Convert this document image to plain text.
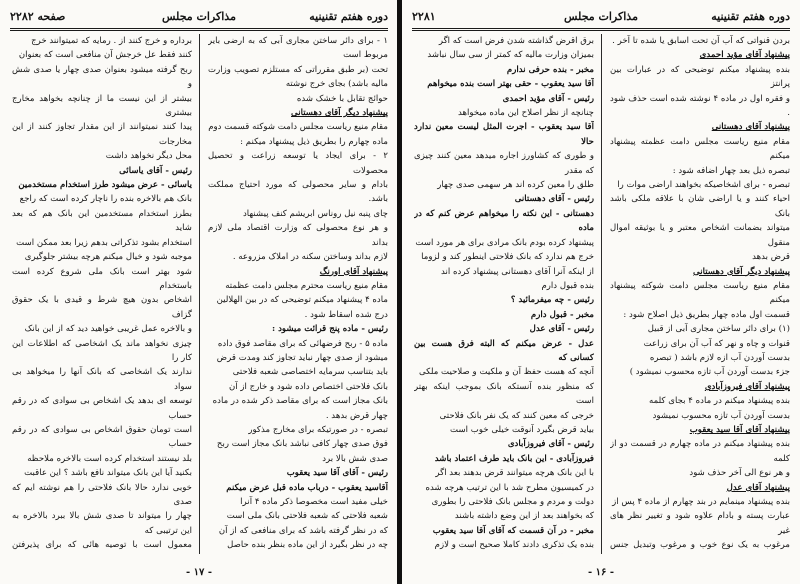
دوره هفتم تقنینیه
مذاکرات مجلس
صفحه ۲۲۸۲

۱ - برای دائر ساختن مجاری آبی که به ارضی بایر مربوط است

تحت (بر طبق مقرراتی که مستلزم تصویب وزارت مالیه باشد) بجای خرج نوشته

حوائج تقابل با خشک شده

پیشنهاد دیگر آقای دهستانی

مقام منیع ریاست مجلس دامت شوکته قسمت دوم

ماده چهارم را بطریق ذیل پیشنهاد میکنم :

۲ - برای ایجاد یا توسعه زراعت و تحصیل محصولات

بادام و سایر محصولی که مورد احتیاج مملکت باشد.

چای پنبه نیل روناس ابریشم کنف پیشنهاد

و هر نوع محصولی که وزارت اقتصاد ملی لازم بداند

لازم بداند وساختن سکنه در املاک مزروعه .

پیشنهاد آقای اورنگ

مقام منیع ریاست محترم مجلس دامت عظمته

ماده ۴ پیشنهاد میکنم توضیحی که در بین الهلالین

درج شده اسقاط شود .

رئیس - ماده پنج قرائت میشود :

ماده ۵ - ربح فرضهائی که برای مقاصد فوق داده

میشود از صدی چهار نباید تجاوز کند ومدت قرض

باید بتناسب سرمایه اختصاصی شعبه فلاحتی

بانک فلاحتی اختصاص داده شود و خارج از آن

بانک مجاز است که برای مقاصد ذکر شده در ماده

چهار قرض بدهد .

تبصره - در صورتیکه برای مخارج مذکور

فوق صدی چهار کافی نباشد بانک مجاز است ربح

صدی شش بالا برد

رئیس - آقای آقا سید یعقوب

آقاسید یعقوب - درباب ماده قبل عرض میکنم

خیلی مفید است مخصوصا ذکر ماده ۴ آنرا

شعبه فلاحتی که شعبه فلاحتی بانک ملی است

که در نظر گرفته باشد که برای منافعی که از آن

چه در نظر بگیرد از این ماده بنظر بنده حاصل

برداره و خرج کنند از . رمایه که تمیتوانند خرج

کنند فقط عل خرجش آن منافعی است که بعنوان

ربح گرفته میشود بعنوان صدی چهار یا صدی شش و

بیشتر از این نیست ما از چنانچه بخواهد مخارج بیشتری

پیدا کنند نمیتوانند از این مقدار تجاوز کنند از این مخارجات

محل دیگر نخواهد داشت

رئیس - آقای یاسائی

یاسائی - عرض میشود طرز استخدام مستخدمین

بانک هم بالاخره بنده را ناچار کرده است که راجع

بطرز استخدام مستخدمین این بانک هم که بعد شاید

استخدام بشود تذکراتی بدهم زیرا بعد ممکن است

موجبه شود و خیال میکنم هرچه بیشتر جلوگیری

شود بهتر است بانک ملی شروع کرده است باستخدام

اشخاص بدون هیچ شرط و قیدی با یک حقوق گزاف

و بالاخره عمل غریبی خواهید دید که از این بانک

چیزی نخواهد ماند یک اشخاصی که اطلاعات این کار را

ندارند یک اشخاصی که بانک آنها را میخواهد بی سواد

توسعه ای بدهد یک اشخاص بی سوادی که در رقم حساب

است تومان حقوق اشخاص بی سوادی که در رقم حساب

بلد نیستند استخدام کرده است بالاخره ملاحظه

بکنید آیا این بانک میتواند نافع باشد ؟ این عاقبت

خوبی ندارد حالا بانک فلاحتی را هم نوشته ایم که صدی

چهار را میتواند تا صدی شش بالا ببرد بالاخره به این ترتیبی که

معمول است با توصیه هائی که برای پذیرفتن

- ۱۷ -
دوره هفتم تقنینیه
مذاکرات مجلس
۲۲۸۱

بردن قنواتی که آب آن تحت اسابق یا شده تا آخر .

پیشنهاد آقای مؤید احمدی

بنده پیشنهاد میکنم توضیحی که در عبارات بین پرانتز

و فقره اول در ماده ۴ نوشته شده است حذف شود .

پیشنهاد آقای دهستانی

مقام منیع ریاست مجلس دامت عظمته پیشنهاد میکنم

تبصره ذیل بعد چهار اضافه شود :

تبصره - برای اشخاصیکه بخواهند اراضی موات را

احیاء کنند و یا اراضی شان با علاقه ملکی باشد بانک

میتواند بضمانت اشخاص معتبر و یا بوثیقه اموال منقول

قرض بدهد

پیشنهاد دیگر آقای دهستانی

مقام منیع ریاست مجلس دامت شوکته پیشنهاد میکنم

قسمت اول ماده چهار بطریق ذیل اصلاح شود :

(۱) برای دائر ساختن مجاری آبی از قبیل

قنوات و چاه و نهر که آب آن برای زراعت

بدست آوردن آب ازه لازم باشد ( تبصره

جزء بدست آوردن آب تازه محسوب نمیشود )

پیشنهاد آقای فیروزآبادی

بنده پیشنهاد میکنم در ماده ۴ بجای کلمه

بدست آوردن آب تازه محسوب نمیشود

پیشنهاد آقای آقا سید یعقوب

بنده پیشنهاد میکنم در ماده چهارم در قسمت دو از کلمه

و هر نوع الی آخر حذف شود

پیشنهاد آقای عدل

بنده پیشنهاد مینمایم در بند چهارم از ماده ۴ پس از

عبارت پسته و بادام علاوه شود و تغییر نظر های غیر

مرغوب به یک نوع خوب و مرغوب وتبدیل جنس

برق اقرض گذاشته شدن فرض است که اگر

بمیزان وزارت مالیه که کمتر از سی سال نباشد

مخبر - بنده حرفی ندارم

آقا سید یعقوب - حقی بهتر است بنده میخواهم

رئیس - آقای مؤید احمدی

چنانچه از نظر اصلاح این ماده میخواهد

آقا سید یعقوب - اجرت المثل لیست معین ندارد حالا

و طوری که کشاورز اجاره میدهد معین کنند چیزی که مقدر

طلق را معین کرده اند هر سهمی صدی چهار

رئیس - آقای دهستانی

دهستانی - این نکته را میخواهم عرض کنم که در ماده

پیشنهاد کرده بودم بانک مرادی برای هر مورد است

خرج هم ندارد که بانک فلاحتی اینطور کند و لزوما

از اینکه آنرا آقای دهستانی پیشنهاد کرده اند

بنده قبول دارم

رئیس - چه میفرمائید ؟

مخبر - قبول دارم

رئیس - آقای عدل

عدل - عرض میکنم که البته فرق هست بین کسانی که

آنچه که هست حفظ آن و ملکیت و صلاحیت ملکی

که منظور بنده آنستکه بانک بموجب اینکه بهتر است

خرجی که معین کنند که یک نفر بانک فلاحتی

بیاید قرض بگیرد آنوقت خیلی خوب است

رئیس - آقای فیروزآبادی

فیروزآبادی - این بانک باید طرف اعتماد باشد

با این بانک هرچه میتوانند قرض بدهند بعد اگر

در کمیسیون مطرح شد با این ترتیب هرچه شده

دولت و مردم و مجلس بانک فلاحتی را بطوری

که بخواهند بعد از این وضع داشته باشند

مخبر - در آن قسمت که آقای آقا سید یعقوب

بنده یک تذکری دادند کاملا صحیح است و لازم

- ۱۶ -
